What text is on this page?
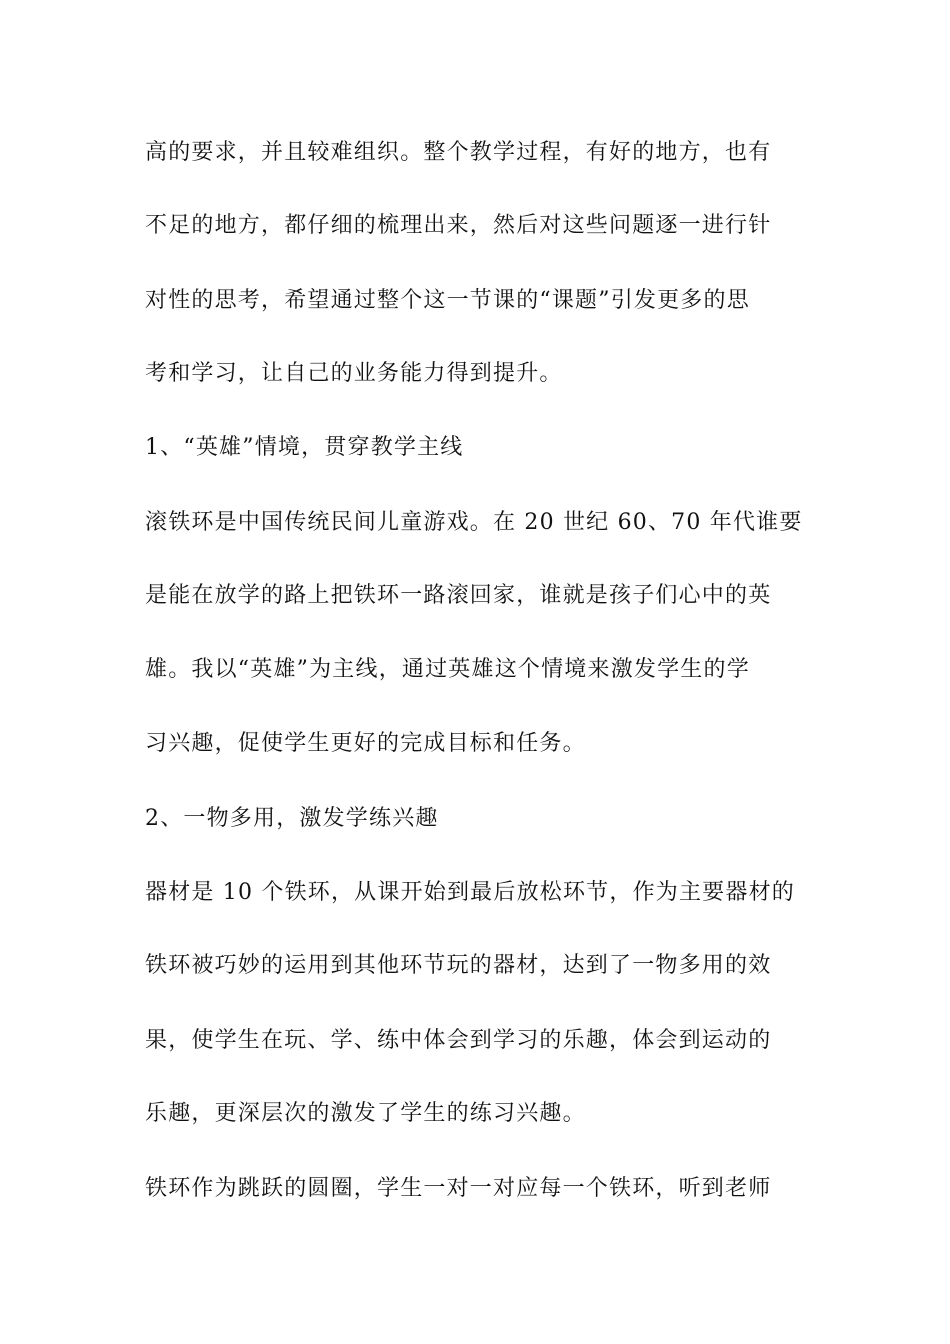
高的要求，并且较难组织。整个教学过程，有好的地方，也有
不足的地方，都仔细的梳理出来，然后对这些问题逐一进行针
对性的思考，希望通过整个这一节课的“课题”引发更多的思
考和学习，让自己的业务能力得到提升。
1、“英雄”情境，贯穿教学主线
滚铁环是中国传统民间儿童游戏。在 20 世纪 60、70 年代谁要
是能在放学的路上把铁环一路滚回家，谁就是孩子们心中的英
雄。我以“英雄”为主线，通过英雄这个情境来激发学生的学
习兴趣，促使学生更好的完成目标和任务。
2、一物多用，激发学练兴趣
器材是 10 个铁环，从课开始到最后放松环节，作为主要器材的
铁环被巧妙的运用到其他环节玩的器材，达到了一物多用的效
果，使学生在玩、学、练中体会到学习的乐趣，体会到运动的
乐趣，更深层次的激发了学生的练习兴趣。
铁环作为跳跃的圆圈，学生一对一对应每一个铁环，听到老师
